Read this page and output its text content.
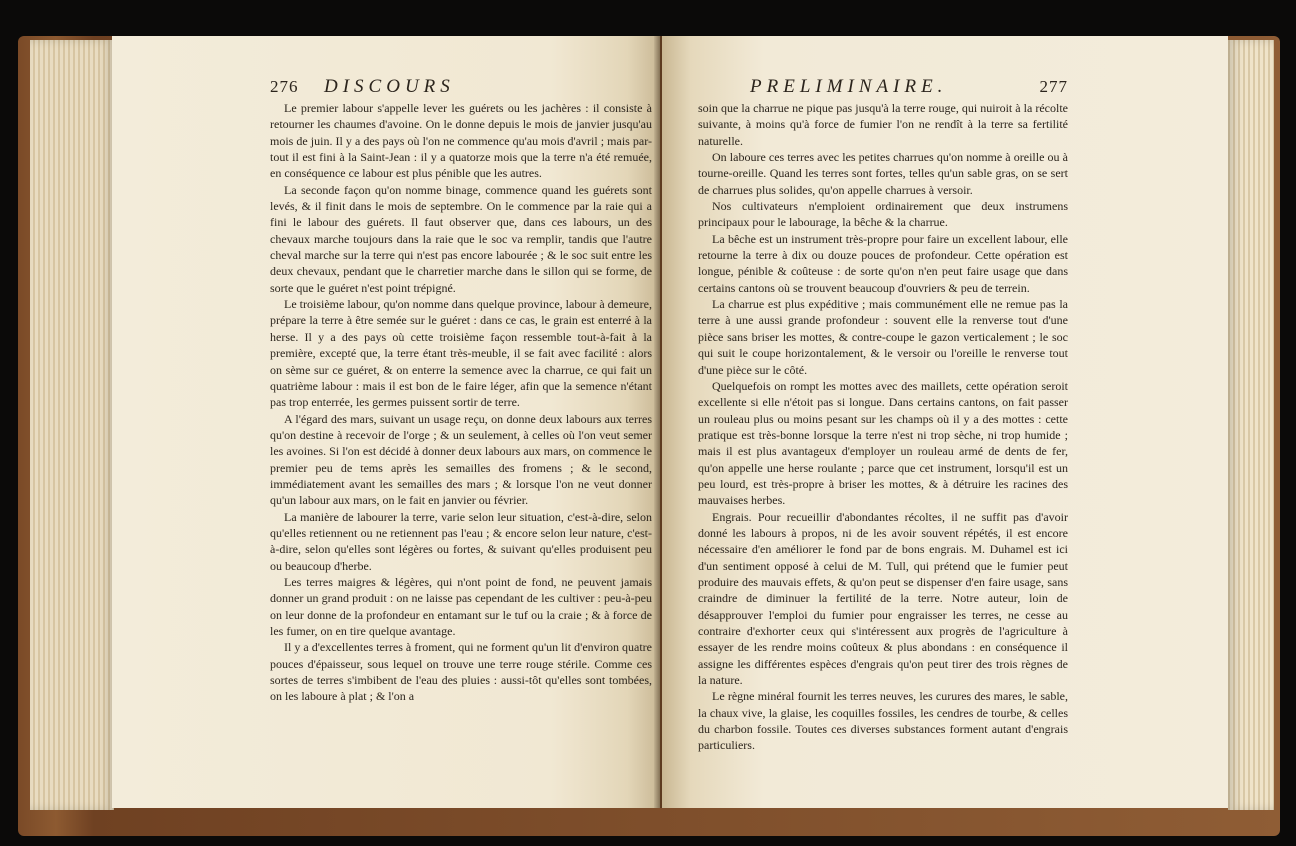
276 DISCOURS

Le premier labour s'appelle lever les guérets ou les jachères : il consiste à retourner les chaumes d'avoine. On le donne depuis le mois de janvier jusqu'au mois de juin. Il y a des pays où l'on ne commence qu'au mois d'avril ; mais par-tout il est fini à la Saint-Jean : il y a quatorze mois que la terre n'a été remuée, en conséquence ce labour est plus pénible que les autres.

La seconde façon qu'on nomme binage, commence quand les guérets sont levés, & il finit dans le mois de septembre. On le commence par la raie qui a fini le labour des guérets. Il faut observer que, dans ces labours, un des chevaux marche toujours dans la raie que le soc va remplir, tandis que l'autre cheval marche sur la terre qui n'est pas encore labourée ; & le soc suit entre les deux chevaux, pendant que le charretier marche dans le sillon qui se forme, de sorte que le guéret n'est point trépigné.

Le troisième labour, qu'on nomme dans quelque province, labour à demeure, prépare la terre à être semée sur le guéret : dans ce cas, le grain est enterré à la herse. Il y a des pays où cette troisième façon ressemble tout-à-fait à la première, excepté que, la terre étant très-meuble, il se fait avec facilité : alors on sème sur ce guéret, & on enterre la semence avec la charrue, ce qui fait un quatrième labour : mais il est bon de le faire léger, afin que la semence n'étant pas trop enterrée, les germes puissent sortir de terre.

A l'égard des mars, suivant un usage reçu, on donne deux labours aux terres qu'on destine à recevoir de l'orge ; & un seulement, à celles où l'on veut semer les avoines. Si l'on est décidé à donner deux labours aux mars, on commence le premier peu de tems après les semailles des fromens ; & le second, immédiatement avant les semailles des mars ; & lorsque l'on ne veut donner qu'un labour aux mars, on le fait en janvier ou février.

La manière de labourer la terre, varie selon leur situation, c'est-à-dire, selon qu'elles retiennent ou ne retiennent pas l'eau ; & encore selon leur nature, c'est-à-dire, selon qu'elles sont légères ou fortes, & suivant qu'elles produisent peu ou beaucoup d'herbe.

Les terres maigres & légères, qui n'ont point de fond, ne peuvent jamais donner un grand produit : on ne laisse pas cependant de les cultiver : peu-à-peu on leur donne de la profondeur en entamant sur le tuf ou la craie ; & à force de les fumer, on en tire quelque avantage.

Il y a d'excellentes terres à froment, qui ne forment qu'un lit d'environ quatre pouces d'épaisseur, sous lequel on trouve une terre rouge stérile. Comme ces sortes de terres s'imbibent de l'eau des pluies : aussi-tôt qu'elles sont tombées, on les laboure à plat ; & l'on a

PRELIMINAIRE.	277

soin que la charrue ne pique pas jusqu'à la terre rouge, qui nuiroit à la récolte suivante, à moins qu'à force de fumier l'on ne rendît à la terre sa fertilité naturelle.

On laboure ces terres avec les petites charrues qu'on nomme à oreille ou à tourne-oreille. Quand les terres sont fortes, telles qu'un sable gras, on se sert de charrues plus solides, qu'on appelle charrues à versoir.

Nos cultivateurs n'emploient ordinairement que deux instrumens principaux pour le labourage, la bêche & la charrue.

La bêche est un instrument très-propre pour faire un excellent labour, elle retourne la terre à dix ou douze pouces de profondeur. Cette opération est longue, pénible & coûteuse : de sorte qu'on n'en peut faire usage que dans certains cantons où se trouvent beaucoup d'ouvriers & peu de terrein.

La charrue est plus expéditive ; mais communément elle ne remue pas la terre à une aussi grande profondeur : souvent elle la renverse tout d'une pièce sans briser les mottes, & contre-coupe le gazon verticalement ; le soc qui suit le coupe horizontalement, & le versoir ou l'oreille le renverse tout d'une pièce sur le côté.

Quelquefois on rompt les mottes avec des maillets, cette opération seroit excellente si elle n'étoit pas si longue. Dans certains cantons, on fait passer un rouleau plus ou moins pesant sur les champs où il y a des mottes : cette pratique est très-bonne lorsque la terre n'est ni trop sèche, ni trop humide ; mais il est plus avantageux d'employer un rouleau armé de dents de fer, qu'on appelle une herse roulante ; parce que cet instrument, lorsqu'il est un peu lourd, est très-propre à briser les mottes, & à détruire les racines des mauvaises herbes.

Engrais. Pour recueillir d'abondantes récoltes, il ne suffit pas d'avoir donné les labours à propos, ni de les avoir souvent répétés, il est encore nécessaire d'en améliorer le fond par de bons engrais. M. Duhamel est ici d'un sentiment opposé à celui de M. Tull, qui prétend que le fumier peut produire des mauvais effets, & qu'on peut se dispenser d'en faire usage, sans craindre de diminuer la fertilité de la terre. Notre auteur, loin de désapprouver l'emploi du fumier pour engraisser les terres, ne cesse au contraire d'exhorter ceux qui s'intéressent aux progrès de l'agriculture à essayer de les rendre moins coûteux & plus abondans : en conséquence il assigne les différentes espèces d'engrais qu'on peut tirer des trois règnes de la nature.

Le règne minéral fournit les terres neuves, les curures des mares, le sable, la chaux vive, la glaise, les coquilles fossiles, les cendres de tourbe, & celles du charbon fossile. Toutes ces diverses substances forment autant d'engrais particuliers.
